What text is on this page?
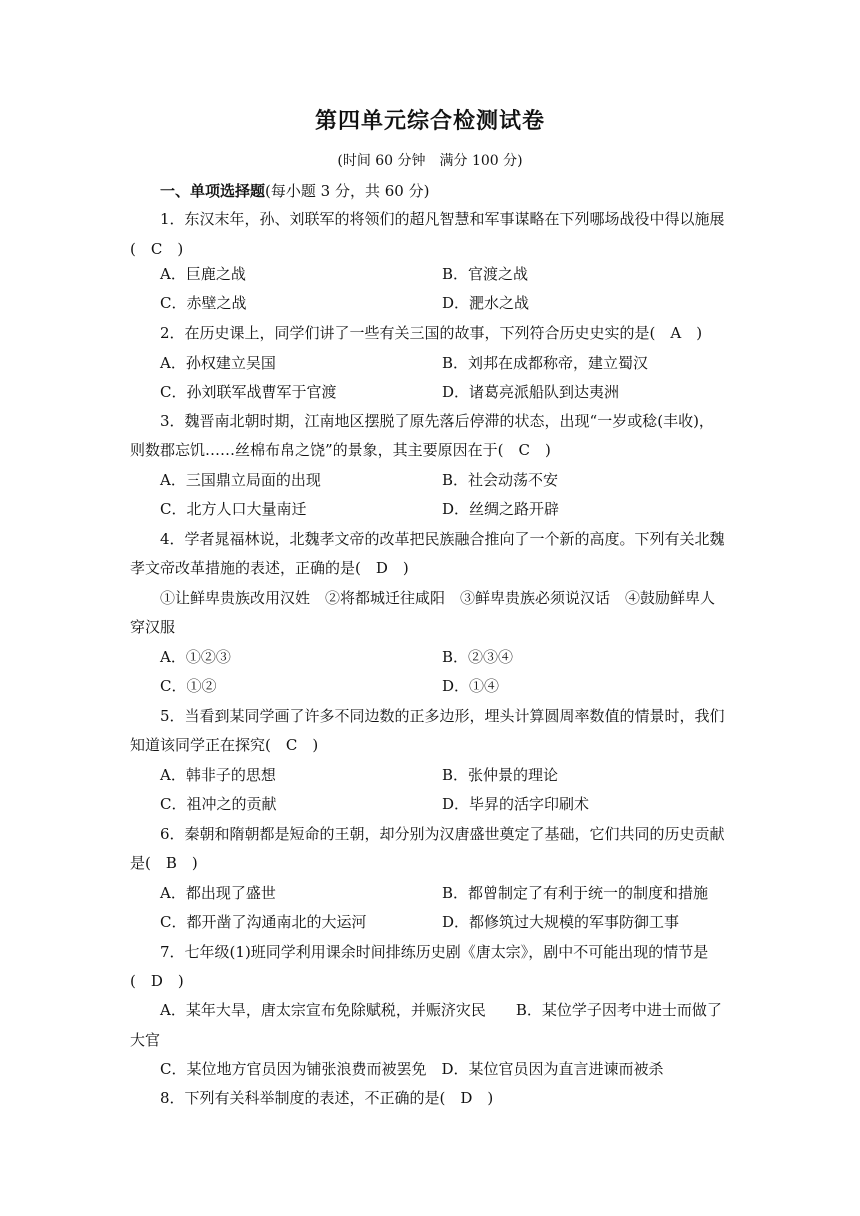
第四单元综合检测试卷
(时间 60 分钟　满分 100 分)
一、单项选择题(每小题 3 分，共 60 分)
1．东汉末年，孙、刘联军的将领们的超凡智慧和军事谋略在下列哪场战役中得以施展
(　C　)
A．巨鹿之战	B．官渡之战
C．赤壁之战	D．淝水之战
2．在历史课上，同学们讲了一些有关三国的故事，下列符合历史史实的是(　A　)
A．孙权建立吴国	B．刘邦在成都称帝，建立蜀汉
C．孙刘联军战曹军于官渡	D．诸葛亮派船队到达夷洲
3．魏晋南北朝时期，江南地区摆脱了原先落后停滞的状态，出现“一岁或稔(丰收)，
则数郡忘饥……丝棉布帛之饶”的景象，其主要原因在于(　C　)
A．三国鼎立局面的出现	B．社会动荡不安
C．北方人口大量南迁	D．丝绸之路开辟
4．学者晁福林说，北魏孝文帝的改革把民族融合推向了一个新的高度。下列有关北魏
孝文帝改革措施的表述，正确的是(　D　)
①让鲜卑贵族改用汉姓　②将都城迁往咸阳　③鲜卑贵族必须说汉话　④鼓励鲜卑人
穿汉服
A．①②③	B．②③④
C．①②	D．①④
5．当看到某同学画了许多不同边数的正多边形，埋头计算圆周率数值的情景时，我们
知道该同学正在探究(　C　)
A．韩非子的思想	B．张仲景的理论
C．祖冲之的贡献	D．毕昇的活字印刷术
6．秦朝和隋朝都是短命的王朝，却分别为汉唐盛世奠定了基础，它们共同的历史贡献
是(　B　)
A．都出现了盛世	B．都曾制定了有利于统一的制度和措施
C．都开凿了沟通南北的大运河	D．都修筑过大规模的军事防御工事
7．七年级(1)班同学利用课余时间排练历史剧《唐太宗》，剧中不可能出现的情节是
(　D　)
A．某年大旱，唐太宗宣布免除赋税，并赈济灾民　　B．某位学子因考中进士而做了
大官
C．某位地方官员因为铺张浪费而被罢免　D．某位官员因为直言进谏而被杀
8．下列有关科举制度的表述，不正确的是(　D　)
